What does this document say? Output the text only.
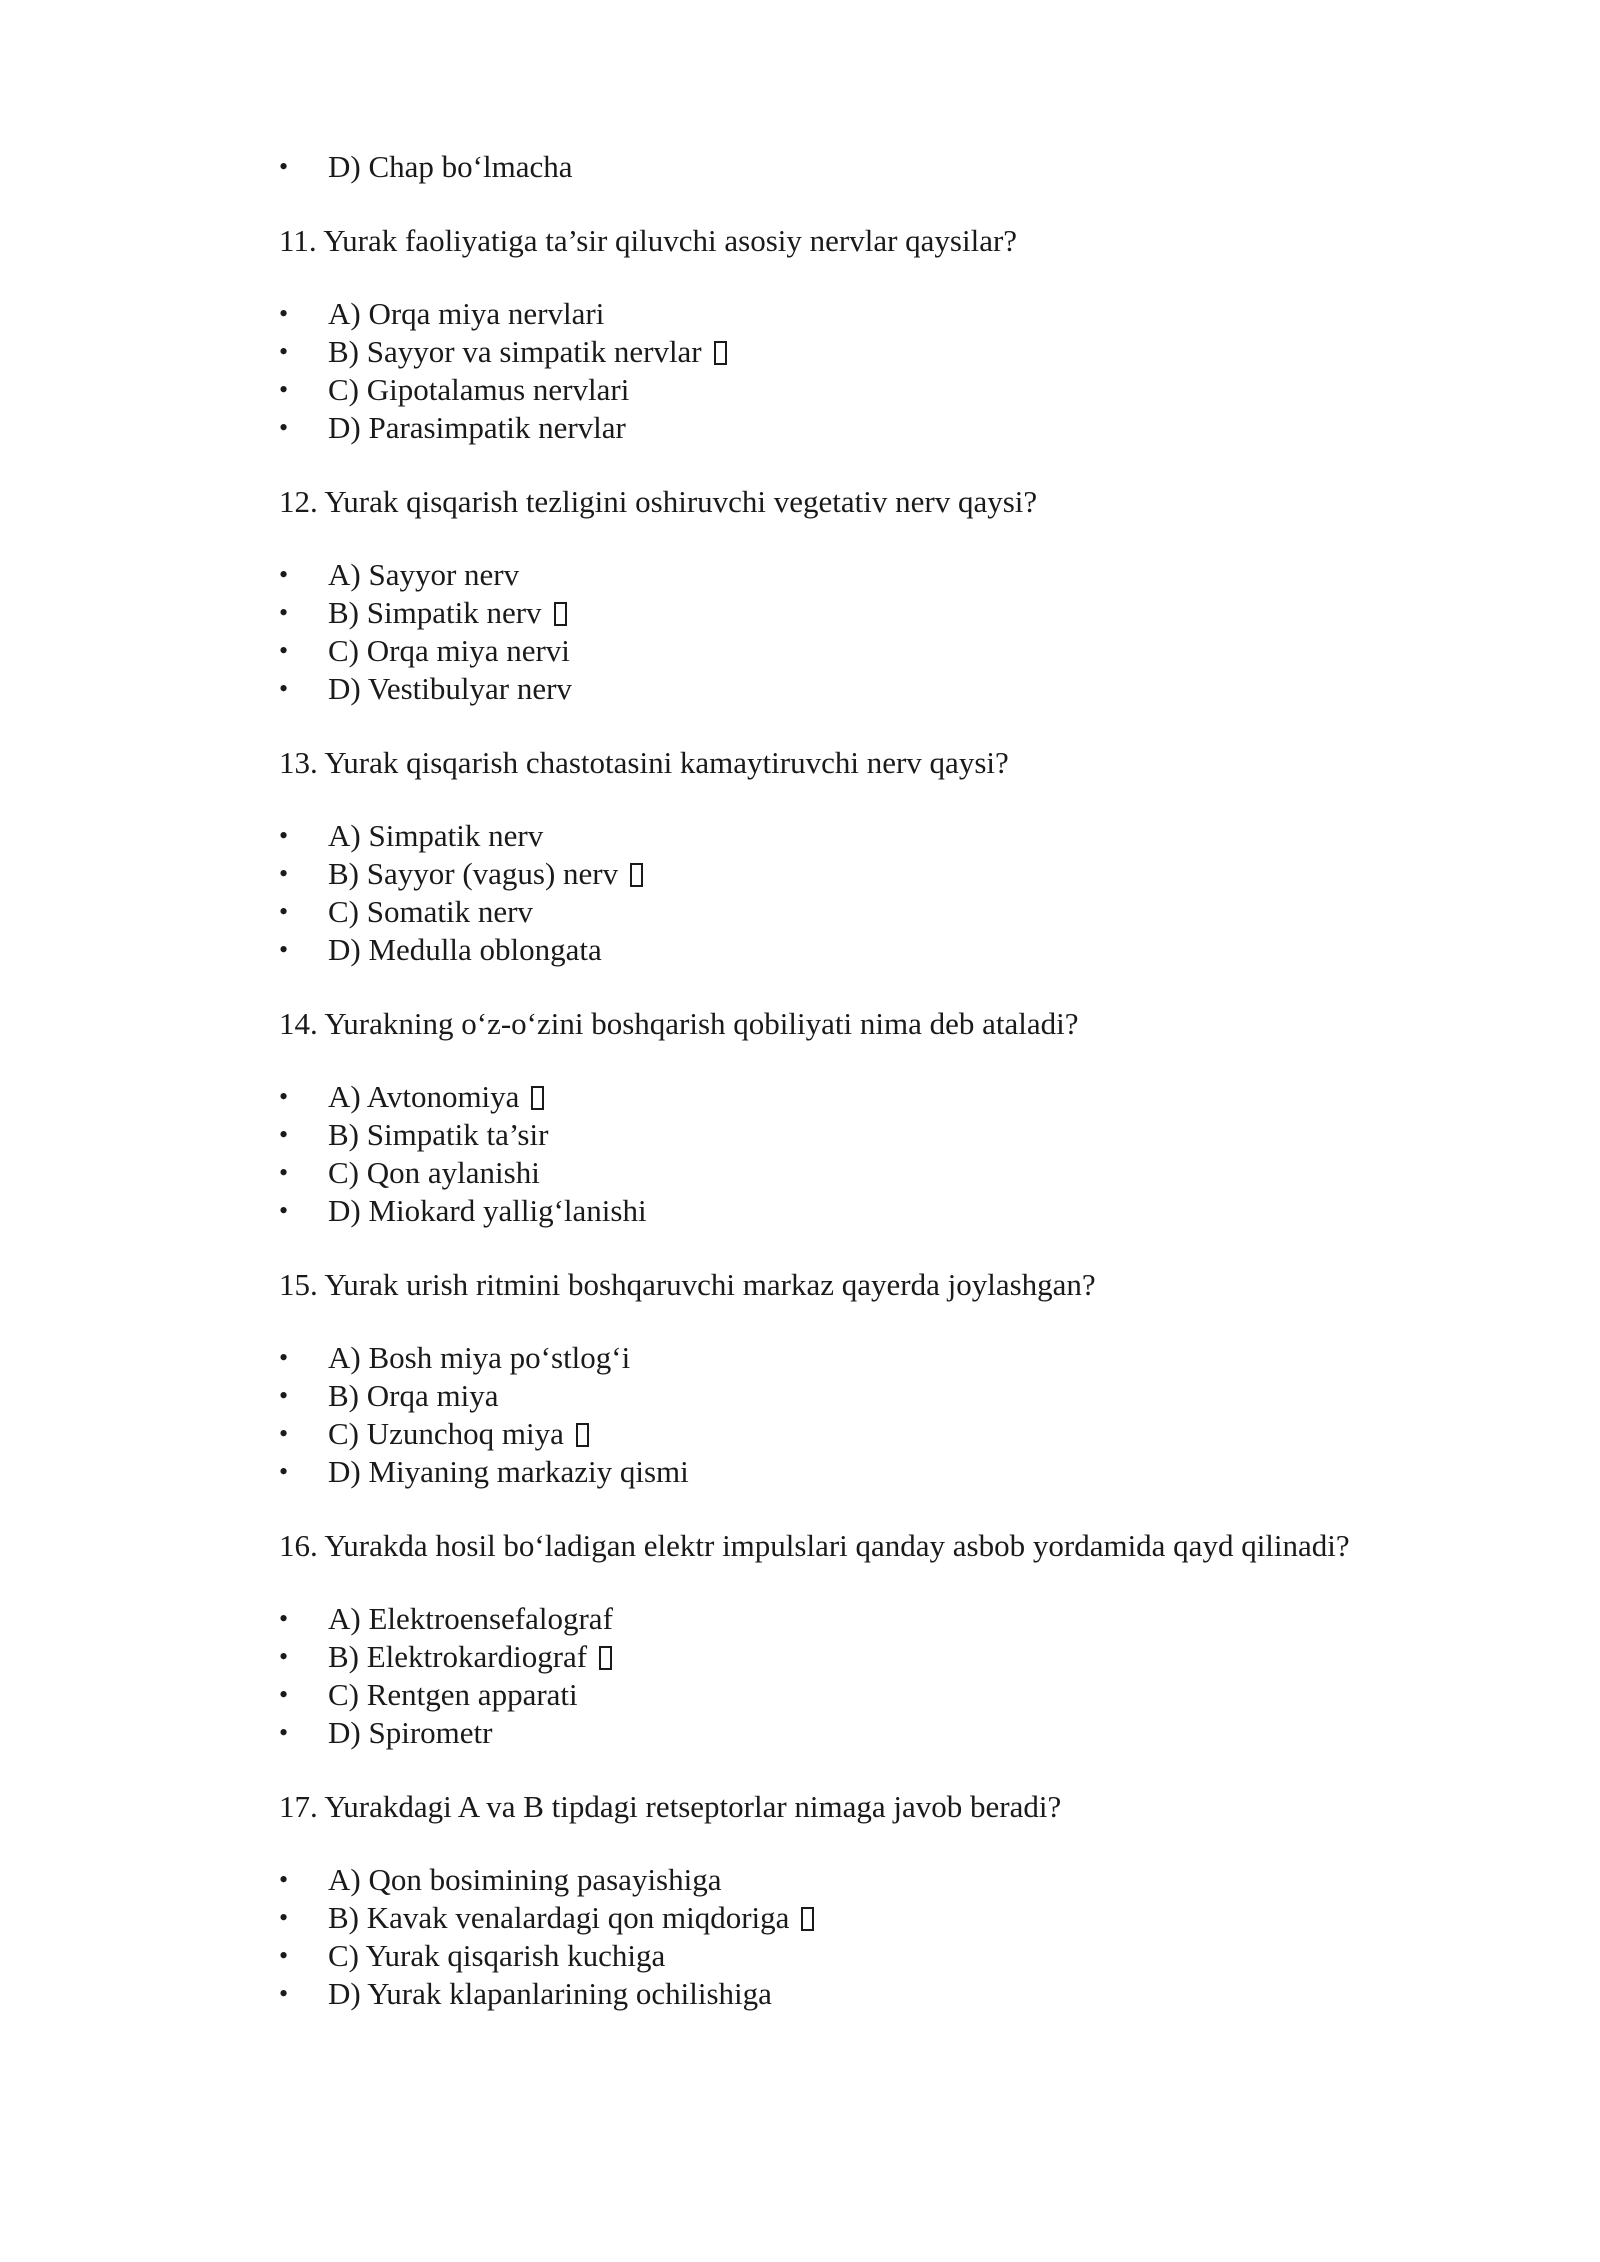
•	D) Chap bo‘lmacha

11. Yurak faoliyatiga ta’sir qiluvchi asosiy nervlar qaysilar?

•	A) Orqa miya nervlari
•	B) Sayyor va simpatik nervlar
•	C) Gipotalamus nervlari
•	D) Parasimpatik nervlar

12. Yurak qisqarish tezligini oshiruvchi vegetativ nerv qaysi?

•	A) Sayyor nerv
•	B) Simpatik nerv
•	C) Orqa miya nervi
•	D) Vestibulyar nerv

13. Yurak qisqarish chastotasini kamaytiruvchi nerv qaysi?

•	A) Simpatik nerv
•	B) Sayyor (vagus) nerv
•	C) Somatik nerv
•	D) Medulla oblongata

14. Yurakning o‘z-o‘zini boshqarish qobiliyati nima deb ataladi?

•	A) Avtonomiya
•	B) Simpatik ta’sir
•	C) Qon aylanishi
•	D) Miokard yallig‘lanishi

15. Yurak urish ritmini boshqaruvchi markaz qayerda joylashgan?

•	A) Bosh miya po‘stlog‘i
•	B) Orqa miya
•	C) Uzunchoq miya
•	D) Miyaning markaziy qismi

16. Yurakda hosil bo‘ladigan elektr impulslari qanday asbob yordamida qayd qilinadi?

•	A) Elektroensefalograf
•	B) Elektrokardiograf
•	C) Rentgen apparati
•	D) Spirometr

17. Yurakdagi A va B tipdagi retseptorlar nimaga javob beradi?

•	A) Qon bosimining pasayishiga
•	B) Kavak venalardagi qon miqdoriga
•	C) Yurak qisqarish kuchiga
•	D) Yurak klapanlarining ochilishiga
